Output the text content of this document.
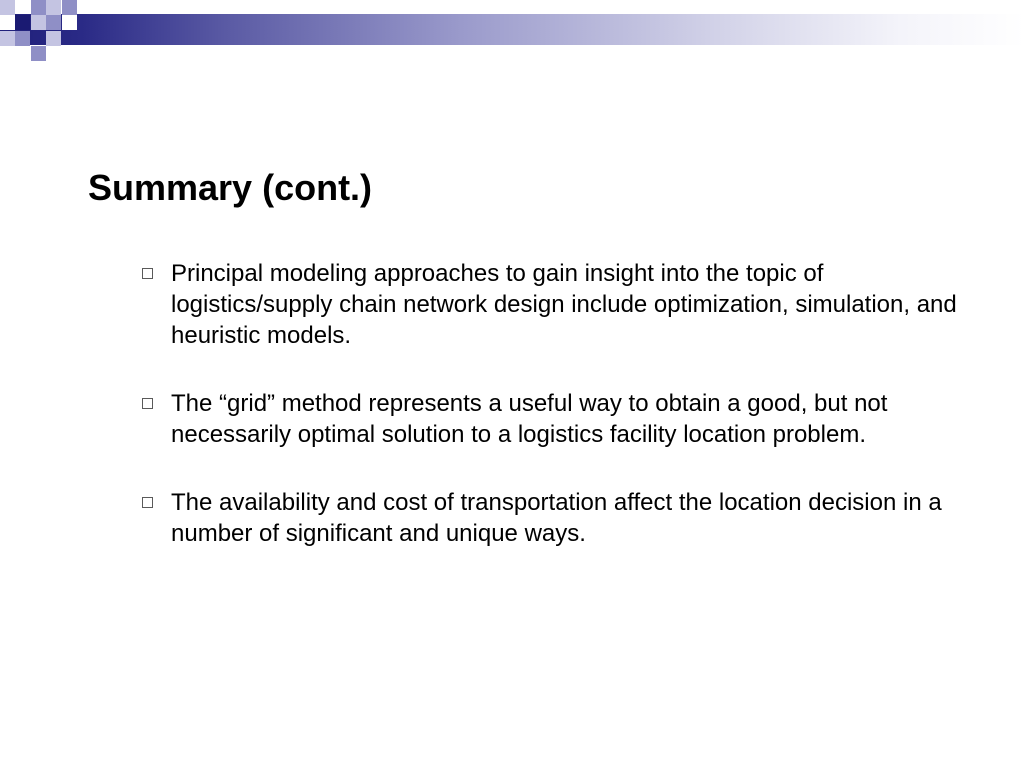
Summary (cont.)
Principal modeling approaches to gain insight into the topic of logistics/supply chain network design include optimization, simulation, and heuristic models.
The “grid” method represents a useful way to obtain a good, but not necessarily optimal solution to a logistics facility location problem.
The availability and cost of transportation affect the location decision in a number of significant and unique ways.
